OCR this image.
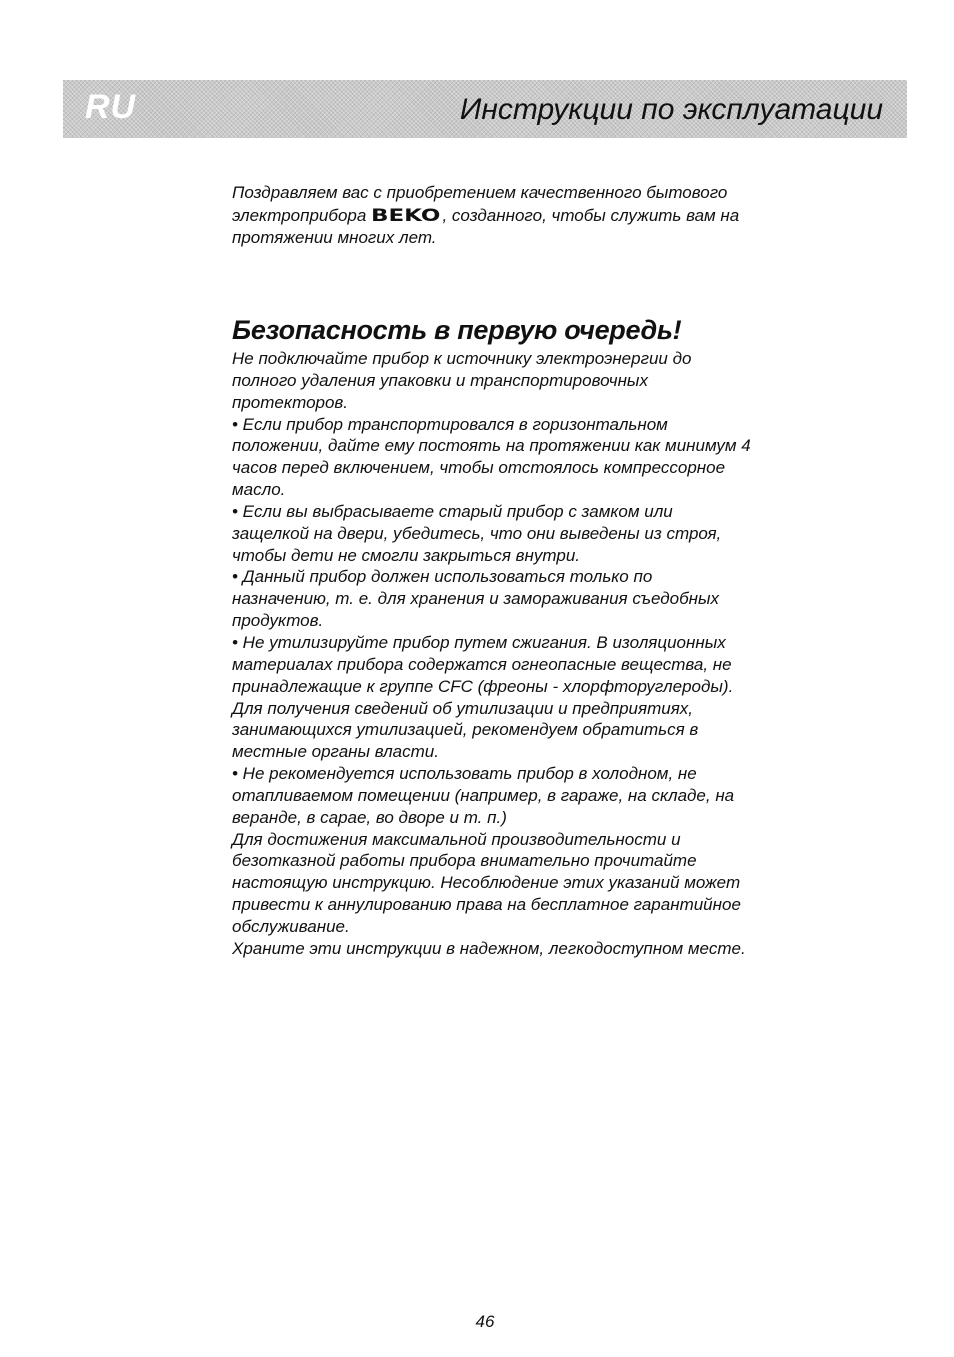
RU	Инструкции по эксплуатации
Поздравляем вас с приобретением качественного бытового электроприбора BEKO , созданного, чтобы служить вам на протяжении многих лет.
Безопасность в первую очередь!

Не подключайте прибор к источнику электроэнергии до полного удаления упаковки и транспортировочных протекторов.

• Если прибор транспортировался в горизонтальном положении, дайте ему постоять на протяжении как минимум 4 часов перед включением, чтобы отстоялось компрессорное масло.

• Если вы выбрасываете старый прибор с замком или защелкой на двери, убедитесь, что они выведены из строя, чтобы дети не смогли закрыться внутри.

• Данный прибор должен использоваться только по назначению, т. е. для хранения и замораживания съедобных продуктов.

• Не утилизируйте прибор путем сжигания. В изоляционных материалах прибора содержатся огнеопасные вещества, не принадлежащие к группе CFC (фреоны - хлорфторуглероды). Для получения сведений об утилизации и предприятиях, занимающихся утилизацией, рекомендуем обратиться в местные органы власти.

• Не рекомендуется использовать прибор в холодном, не отапливаемом помещении (например, в гараже, на складе, на веранде, в сарае, во дворе и т. п.)

Для достижения максимальной производительности и безотказной работы прибора внимательно прочитайте настоящую инструкцию. Несоблюдение этих указаний может привести к аннулированию права на бесплатное гарантийное обслуживание.

Храните эти инструкции в надежном, легкодоступном месте.

46
